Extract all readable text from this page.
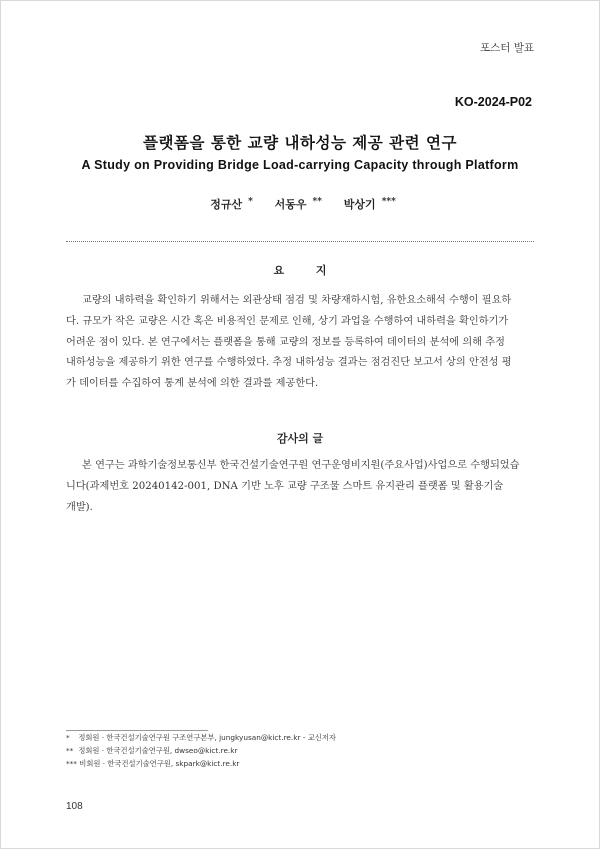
포스터 발표
KO-2024-P02
플랫폼을 통한 교량 내하성능 제공 관련 연구
A Study on Providing Bridge Load-carrying Capacity through Platform
정규산 * 서동우 ** 박상기 ***
요 지
교량의 내하력을 확인하기 위해서는 외관상태 점검 및 차량재하시험, 유한요소해석 수행이 필요하
다. 규모가 작은 교량은 시간 혹은 비용적인 문제로 인해, 상기 과업을 수행하여 내하력을 확인하기가
어려운 점이 있다. 본 연구에서는 플랫폼을 통해 교량의 정보를 등록하여 데이터의 분석에 의해 추정
내하성능을 제공하기 위한 연구를 수행하였다. 추정 내하성능 결과는 점검진단 보고서 상의 안전성 평
가 데이터를 수집하여 통계 분석에 의한 결과를 제공한다.
감사의 글
본 연구는 과학기술정보통신부 한국건설기술연구원 연구운영비지원(주요사업)사업으로 수행되었습
니다(과제번호 20240142-001, DNA 기반 노후 교량 구조물 스마트 유지관리 플랫폼 및 활용기술
개발).
* 정회원 · 한국건설기술연구원 구조연구본부, jungkyusan@kict.re.kr - 교신저자
** 정회원 · 한국건설기술연구원, dwseo@kict.re.kr
*** 비회원 · 한국건설기술연구원, skpark@kict.re.kr
108
